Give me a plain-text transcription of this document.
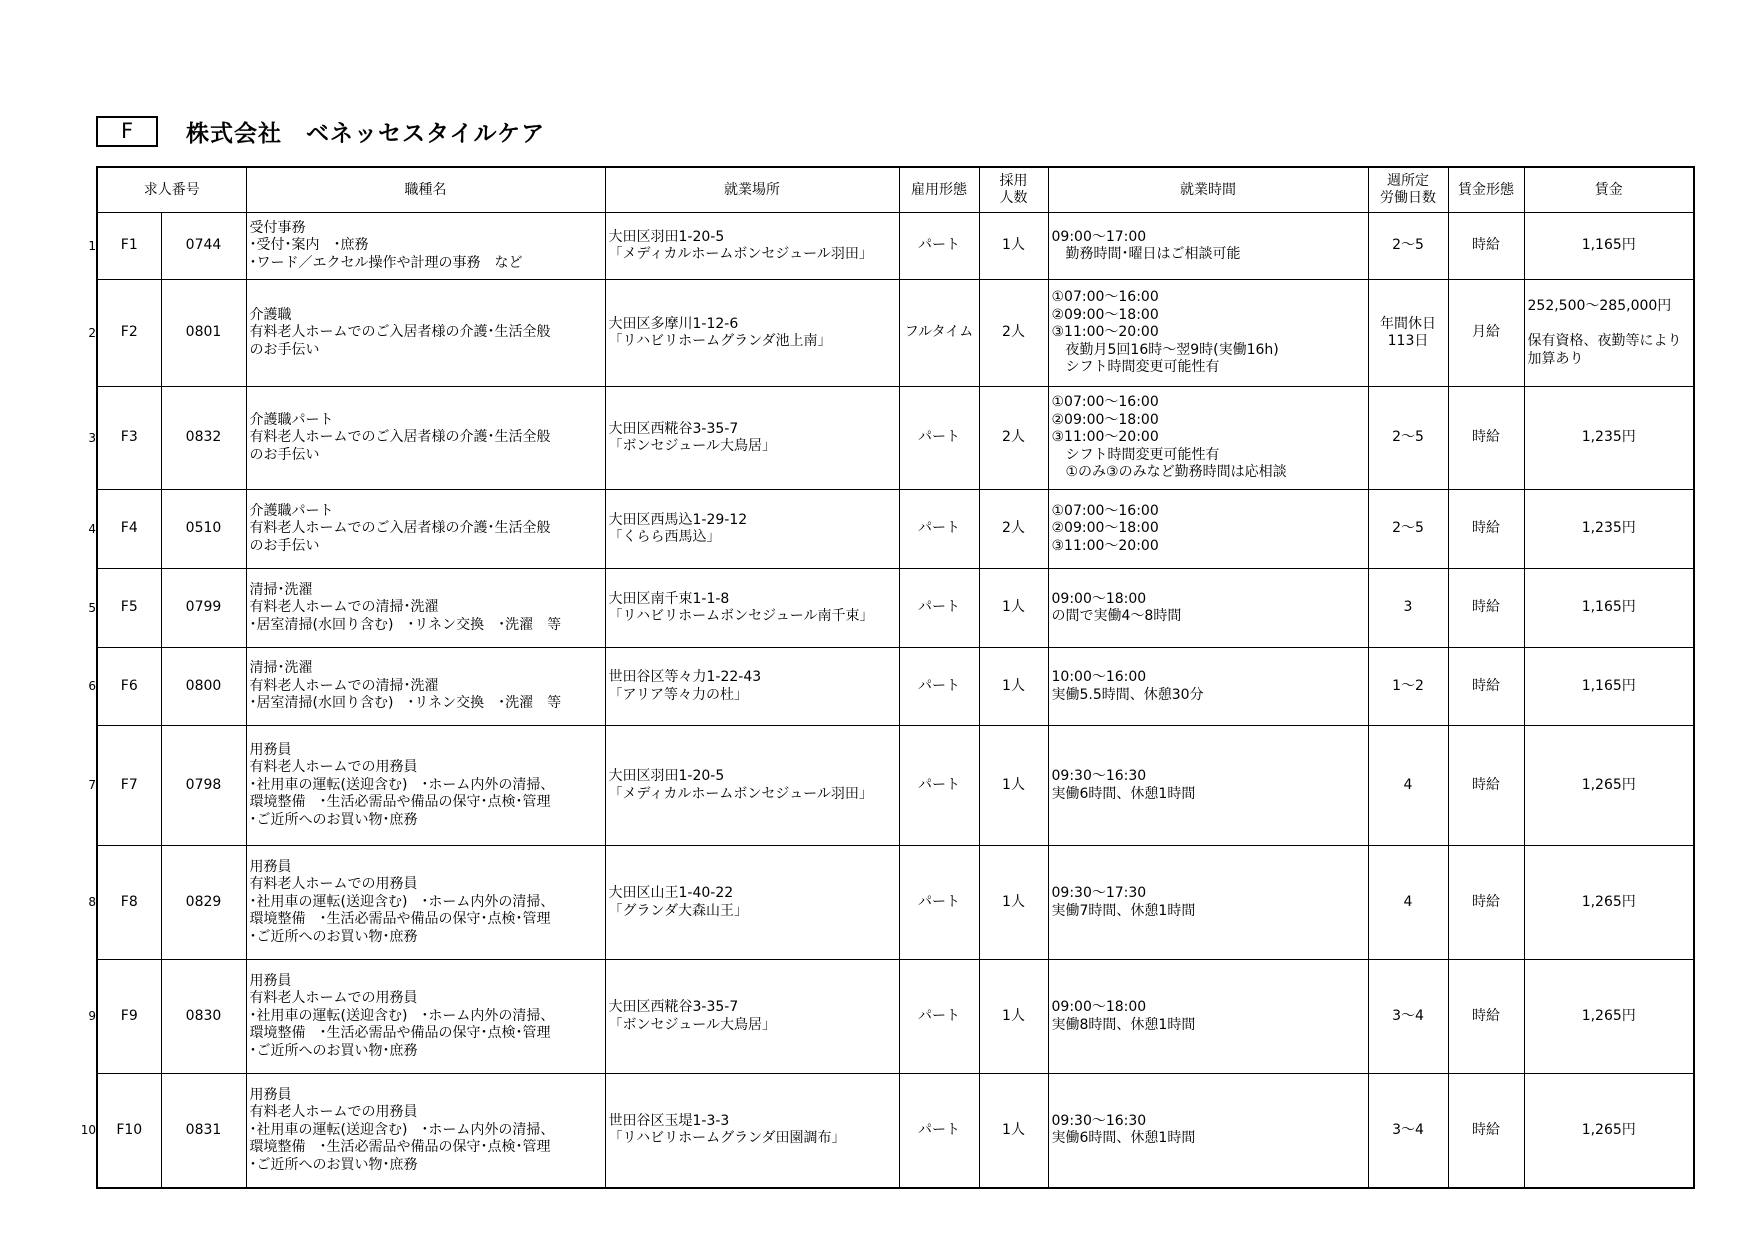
F	株式会社　ベネッセスタイルケア
求人番号		職種名	就業場所	雇用形態	採用
人数	就業時間	週所定
労働日数	賃金形態	賃金
F1	0744	受付事務
･受付･案内　･庶務
･ワード／エクセル操作や計理の事務　など	大田区羽田1-20-5
「メディカルホームボンセジュール羽田」	パート	1人	09:00～17:00
　勤務時間･曜日はご相談可能	2～5	時給	1,165円
F2	0801	介護職
有料老人ホームでのご入居者様の介護･生活全般
のお手伝い	大田区多摩川1-12-6
「リハビリホームグランダ池上南」	フルタイム	2人	①07:00～16:00
②09:00～18:00
③11:00～20:00
　夜勤月5回16時～翌9時(実働16h)
　シフト時間変更可能性有	年間休日
113日	月給	252,500～285,000円

保有資格、夜勤等により
加算あり
F3	0832	介護職パート
有料老人ホームでのご入居者様の介護･生活全般
のお手伝い	大田区西糀谷3-35-7
「ボンセジュール大鳥居」	パート	2人	①07:00～16:00
②09:00～18:00
③11:00～20:00
　シフト時間変更可能性有
　①のみ③のみなど勤務時間は応相談	2～5	時給	1,235円
F4	0510	介護職パート
有料老人ホームでのご入居者様の介護･生活全般
のお手伝い	大田区西馬込1-29-12
「くらら西馬込」	パート	2人	①07:00～16:00
②09:00～18:00
③11:00～20:00	2～5	時給	1,235円
F5	0799	清掃･洗濯
有料老人ホームでの清掃･洗濯
･居室清掃(水回り含む)　･リネン交換　･洗濯　等	大田区南千束1-1-8
「リハビリホームボンセジュール南千束」	パート	1人	09:00～18:00
の間で実働4～8時間	3	時給	1,165円
F6	0800	清掃･洗濯
有料老人ホームでの清掃･洗濯
･居室清掃(水回り含む)　･リネン交換　･洗濯　等	世田谷区等々力1-22-43
「アリア等々力の杜」	パート	1人	10:00～16:00
実働5.5時間、休憩30分	1～2	時給	1,165円
F7	0798	用務員
有料老人ホームでの用務員
･社用車の運転(送迎含む)　･ホーム内外の清掃、
環境整備　･生活必需品や備品の保守･点検･管理
･ご近所へのお買い物･庶務	大田区羽田1-20-5
「メディカルホームボンセジュール羽田」	パート	1人	09:30～16:30
実働6時間、休憩1時間	4	時給	1,265円
F8	0829	用務員
有料老人ホームでの用務員
･社用車の運転(送迎含む)　･ホーム内外の清掃、
環境整備　･生活必需品や備品の保守･点検･管理
･ご近所へのお買い物･庶務	大田区山王1-40-22
「グランダ大森山王」	パート	1人	09:30～17:30
実働7時間、休憩1時間	4	時給	1,265円
F9	0830	用務員
有料老人ホームでの用務員
･社用車の運転(送迎含む)　･ホーム内外の清掃、
環境整備　･生活必需品や備品の保守･点検･管理
･ご近所へのお買い物･庶務	大田区西糀谷3-35-7
「ボンセジュール大鳥居」	パート	1人	09:00～18:00
実働8時間、休憩1時間	3～4	時給	1,265円
F10	0831	用務員
有料老人ホームでの用務員
･社用車の運転(送迎含む)　･ホーム内外の清掃、
環境整備　･生活必需品や備品の保守･点検･管理
･ご近所へのお買い物･庶務	世田谷区玉堤1-3-3
「リハビリホームグランダ田園調布」	パート	1人	09:30～16:30
実働6時間、休憩1時間	3～4	時給	1,265円
1
2
3
4
5
6
7
8
9
10
